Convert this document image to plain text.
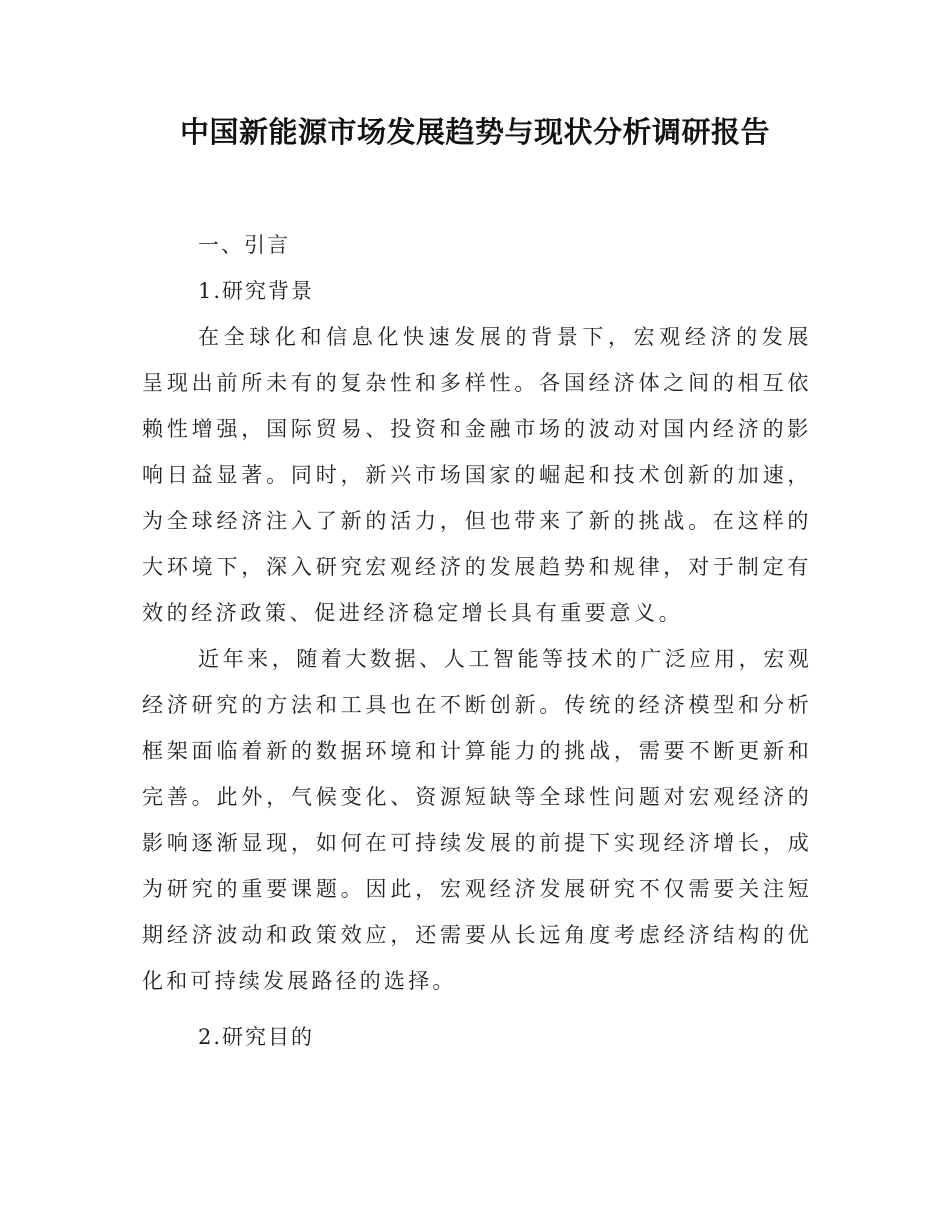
中国新能源市场发展趋势与现状分析调研报告
一、引言
1.研究背景

在全球化和信息化快速发展的背景下，宏观经济的发展呈现出前所未有的复杂性和多样性。各国经济体之间的相互依赖性增强，国际贸易、投资和金融市场的波动对国内经济的影响日益显著。同时，新兴市场国家的崛起和技术创新的加速，为全球经济注入了新的活力，但也带来了新的挑战。在这样的大环境下，深入研究宏观经济的发展趋势和规律，对于制定有效的经济政策、促进经济稳定增长具有重要意义。

近年来，随着大数据、人工智能等技术的广泛应用，宏观经济研究的方法和工具也在不断创新。传统的经济模型和分析框架面临着新的数据环境和计算能力的挑战，需要不断更新和完善。此外，气候变化、资源短缺等全球性问题对宏观经济的影响逐渐显现，如何在可持续发展的前提下实现经济增长，成为研究的重要课题。因此，宏观经济发展研究不仅需要关注短期经济波动和政策效应，还需要从长远角度考虑经济结构的优化和可持续发展路径的选择。

2.研究目的
